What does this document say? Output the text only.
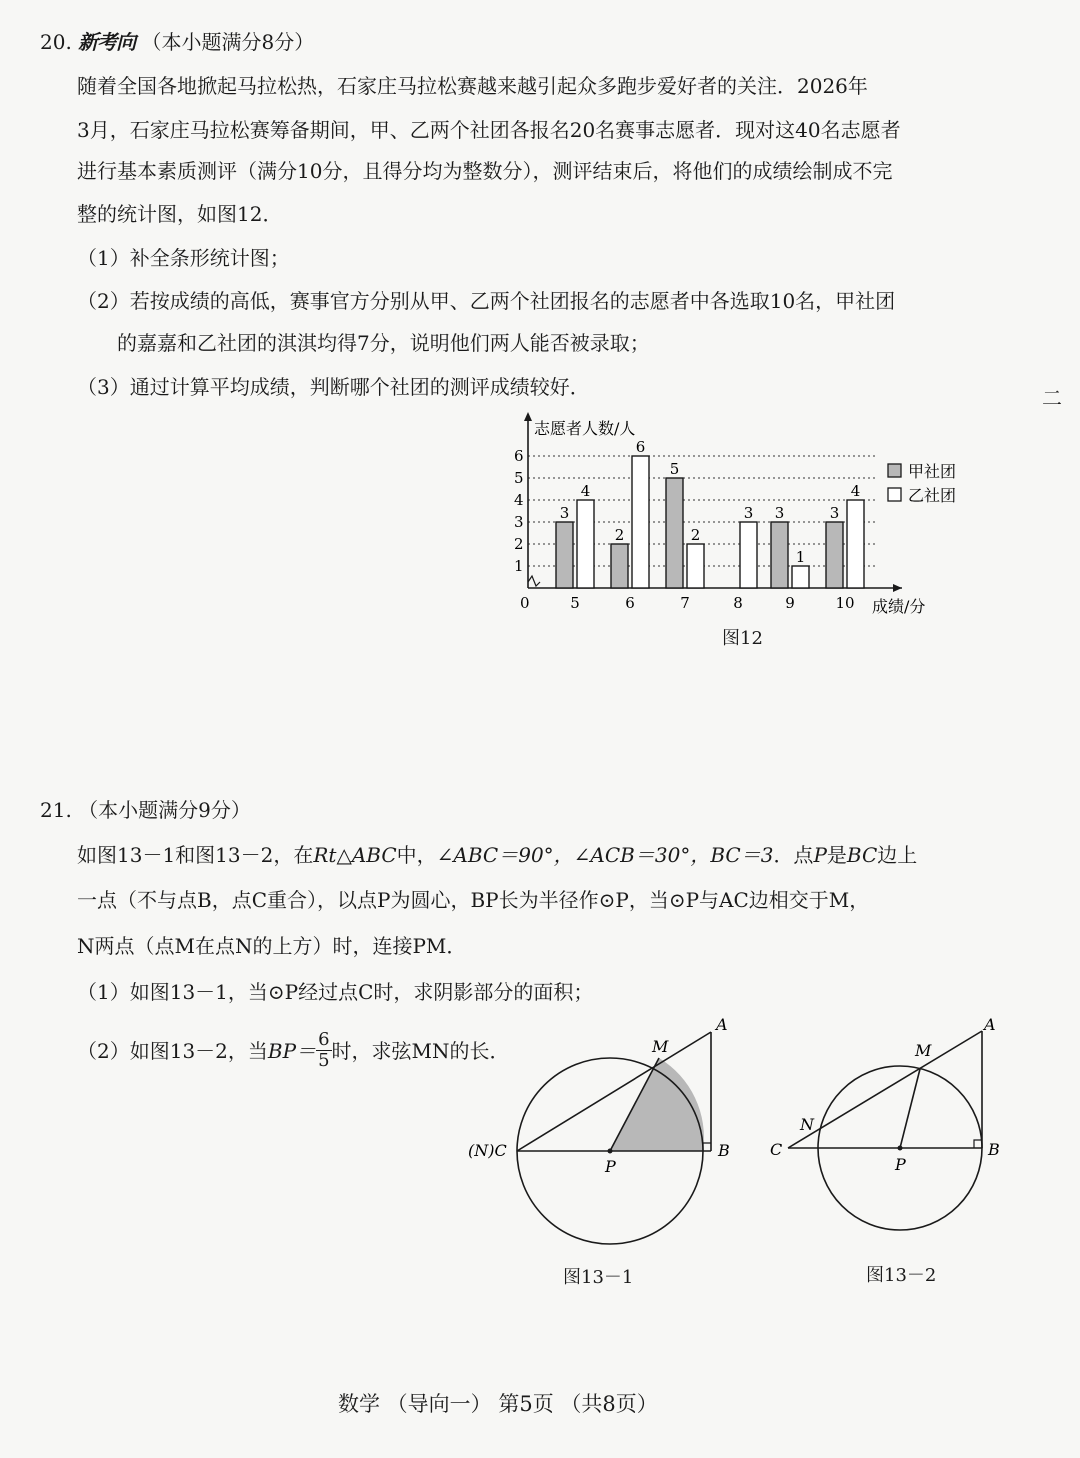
20. 新考向 （本小题满分8分）
随着全国各地掀起马拉松热，石家庄马拉松赛越来越引起众多跑步爱好者的关注．2026年
3月，石家庄马拉松赛筹备期间，甲、乙两个社团各报名20名赛事志愿者．现对这40名志愿者
进行基本素质测评（满分10分，且得分均为整数分），测评结束后，将他们的成绩绘制成不完
整的统计图，如图12．
（1）补全条形统计图；
（2）若按成绩的高低，赛事官方分别从甲、乙两个社团报名的志愿者中各选取10名，甲社团
的嘉嘉和乙社团的淇淇均得7分，说明他们两人能否被录取；
（3）通过计算平均成绩，判断哪个社团的测评成绩较好．	二
1
2
3
4
5
6
0
志愿者人数/人
成绩/分
5	6	7	8	9	10
3
2
5
3	3
4
6
2
3
1
4
甲社团
乙社团
图12
21. （本小题满分9分）
如图13－1和图13－2，在Rt△ABC中，∠ABC＝90°，∠ACB＝30°，BC＝3．点P是BC边上
一点（不与点B，点C重合），以点P为圆心，BP长为半径作⊙P，当⊙P与AC边相交于M，
N两点（点M在点N的上方）时，连接PM．
（1）如图13－1，当⊙P经过点C时，求阴影部分的面积；
（2）如图13－2，当 $BP= \frac{6}{5}$ 时，求弦MN的长．
A
M
(N)C
P
B
图13－1
A
M
N
C
P
B
图13－2
数学 （导向一） 第5页 （共8页）
